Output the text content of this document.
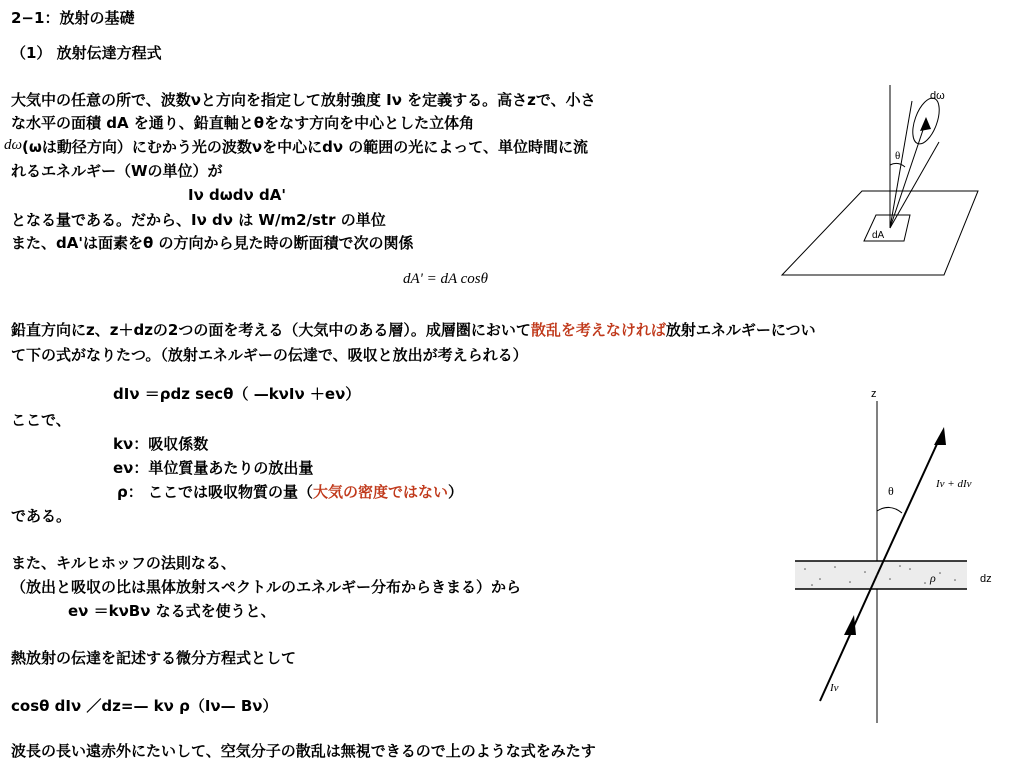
2−1：放射の基礎
（1） 放射伝達方程式
大気中の任意の所で、波数νと方向を指定して放射強度 Iν を定義する。高さzで、小さ
な水平の面積 dA を通り、鉛直軸とθをなす方向を中心とした立体角
(ωは動径方向）にむかう光の波数νを中心にdν の範囲の光によって、単位時間に流
dω
れるエネルギー（Wの単位）が
Iν dωdν dA'
となる量である。だから、Iν dν は W/m2/str の単位
また、dA'は面素をθ の方向から見た時の断面積で次の関係
dA' = dA cosθ
鉛直方向にz、z＋dzの2つの面を考える（大気中のある層）。成層圏において散乱を考えなければ放射エネルギーについ
て下の式がなりたつ。（放射エネルギーの伝達で、吸収と放出が考えられる）
dIν ＝ρdz secθ（ —kνIν ＋eν）
ここで、
kν：吸収係数
eν：単位質量あたりの放出量
ρ： ここでは吸収物質の量（大気の密度ではない）
である。
また、キルヒホッフの法則なる、
（放出と吸収の比は黒体放射スペクトルのエネルギー分布からきまる）から
eν ＝kνBν なる式を使うと、
熱放射の伝達を記述する微分方程式として
cosθ dIν ／dz=— kν ρ（Iν— Bν）
波長の長い遠赤外にたいして、空気分子の散乱は無視できるので上のような式をみたす
dω
θ
dA
z
θ	Iν + dIν
ρ	dz
Iν
